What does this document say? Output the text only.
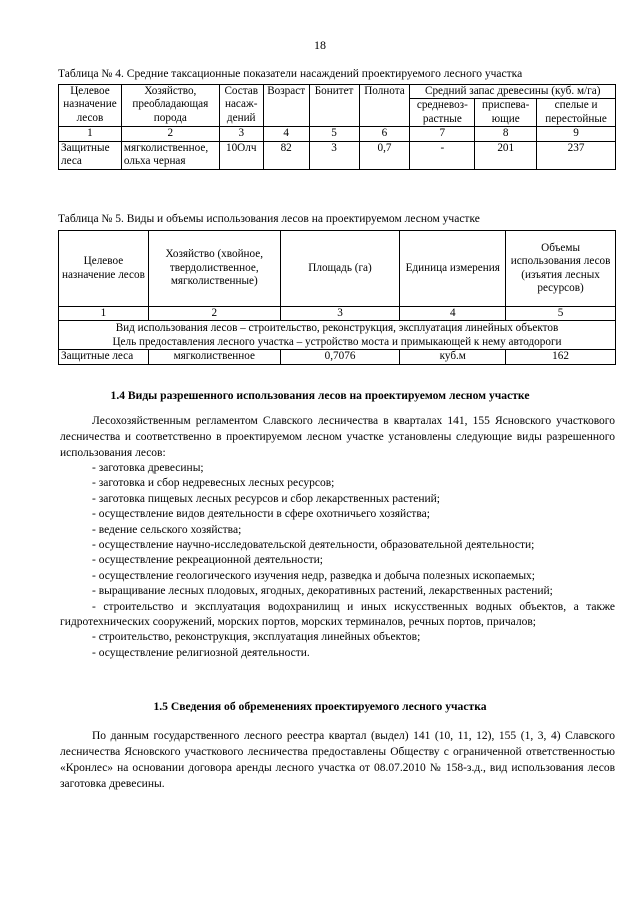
18
Таблица № 4. Средние таксационные показатели насаждений проектируемого лесного участка
Целевое назначение лесов	Хозяйство, преобладающая порода	Состав насаж-дений	Возраст	Бонитет	Полнота	Средний запас древесины (куб. м/га)		
						средневоз-растные	приспева-ющие	спелые и перестойные
1	2	3	4	5	6	7	8	9
Защитные леса	мягколиственное, ольха черная	10Олч	82	3	0,7	-	201	237
Таблица № 5. Виды и объемы использования лесов на проектируемом лесном участке
Целевое назначение лесов	Хозяйство (хвойное, твердолиственное, мягколиственные)	Площадь (га)	Единица измерения	Объемы использования лесов (изъятия лесных ресурсов)
1	2	3	4	5

Вид использования лесов – строительство, реконструкция, эксплуатация линейных объектов
Цель предоставления лесного участка – устройство моста и примыкающей к нему автодороги				

Защитные леса	мягколиственное	0,7076	куб.м	162
1.4 Виды разрешенного использования лесов на проектируемом лесном участке

Лесохозяйственным регламентом Славского лесничества в кварталах 141, 155 Ясновского участкового лесничества и соответственно в проектируемом лесном участке установлены следующие виды разрешенного использования лесов:

- заготовка древесины;
- заготовка и сбор недревесных лесных ресурсов;
- заготовка пищевых лесных ресурсов и сбор лекарственных растений;
- осуществление видов деятельности в сфере охотничьего хозяйства;
- ведение сельского хозяйства;
- осуществление научно-исследовательской деятельности, образовательной деятельности;
- осуществление рекреационной деятельности;
- осуществление геологического изучения недр, разведка и добыча полезных ископаемых;
- выращивание лесных плодовых, ягодных, декоративных растений, лекарственных растений;
- строительство и эксплуатация водохранилищ и иных искусственных водных объектов, а также гидротехнических сооружений, морских портов, морских терминалов, речных портов, причалов;
- строительство, реконструкция, эксплуатация линейных объектов;
- осуществление религиозной деятельности.
1.5 Сведения об обременениях проектируемого лесного участка

По данным государственного лесного реестра квартал (выдел) 141 (10, 11, 12), 155 (1, 3, 4) Славского лесничества Ясновского участкового лесничества предоставлены Обществу с ограниченной ответственностью «Кронлес» на основании договора аренды лесного участка от 08.07.2010 № 158-з.д., вид использования лесов заготовка древесины.
